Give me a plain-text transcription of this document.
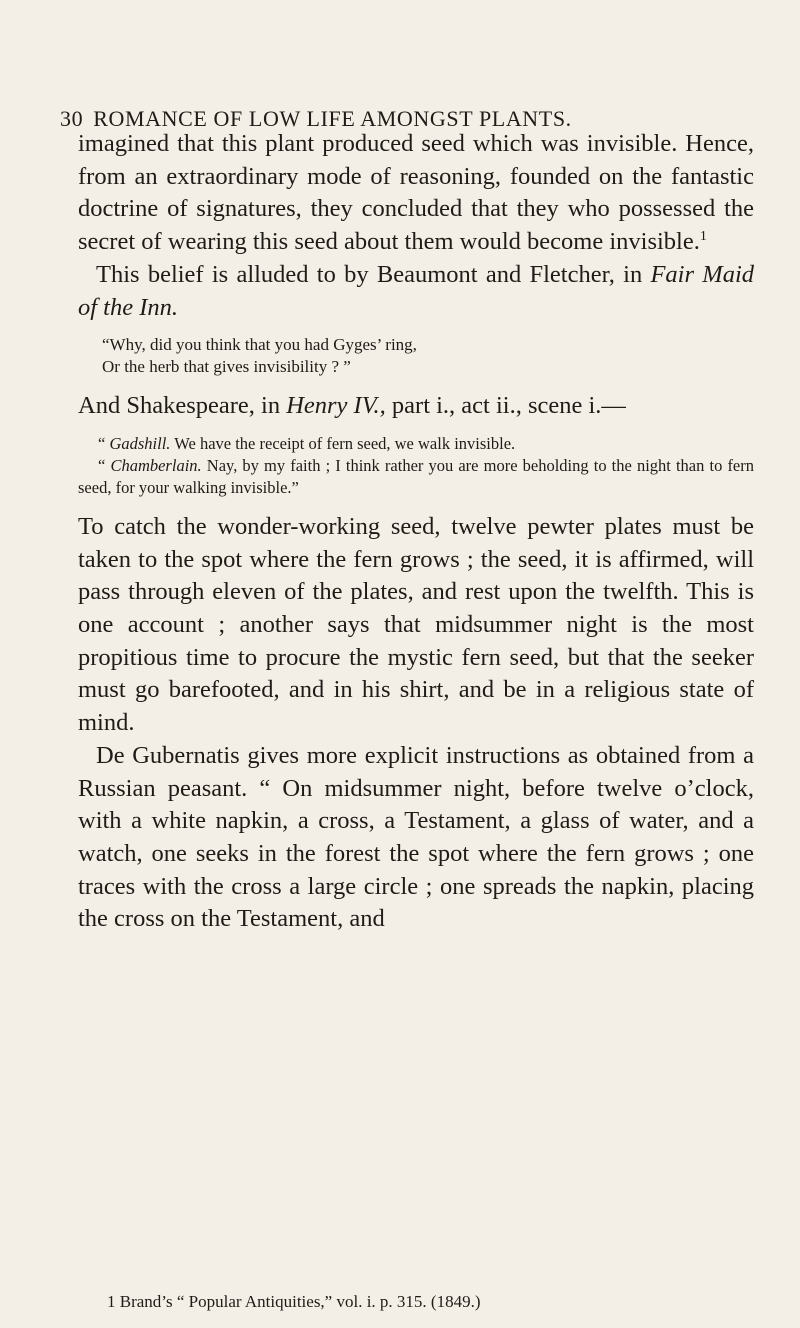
30 ROMANCE OF LOW LIFE AMONGST PLANTS.

imagined that this plant produced seed which was invisible. Hence, from an extraordinary mode of reasoning, founded on the fantastic doctrine of signatures, they concluded that they who possessed the secret of wearing this seed about them would become invisible.$^1$

This belief is alluded to by Beaumont and Fletcher, in Fair Maid of the Inn.

“Why, did you think that you had Gyges’ ring,
Or the herb that gives invisibility ? ”

And Shakespeare, in Henry IV., part i., act ii., scene i.—

“ Gadshill. We have the receipt of fern seed, we walk invisible.

“ Chamberlain. Nay, by my faith ; I think rather you are more beholding to the night than to fern seed, for your walking invisible.”

To catch the wonder-working seed, twelve pewter plates must be taken to the spot where the fern grows ; the seed, it is affirmed, will pass through eleven of the plates, and rest upon the twelfth. This is one account ; another says that midsummer night is the most propitious time to procure the mystic fern seed, but that the seeker must go barefooted, and in his shirt, and be in a religious state of mind.

De Gubernatis gives more explicit instructions as obtained from a Russian peasant. “ On midsummer night, before twelve o’clock, with a white napkin, a cross, a Testament, a glass of water, and a watch, one seeks in the forest the spot where the fern grows ; one traces with the cross a large circle ; one spreads the napkin, placing the cross on the Testament, and

1 Brand’s “ Popular Antiquities,” vol. i. p. 315. (1849.)
